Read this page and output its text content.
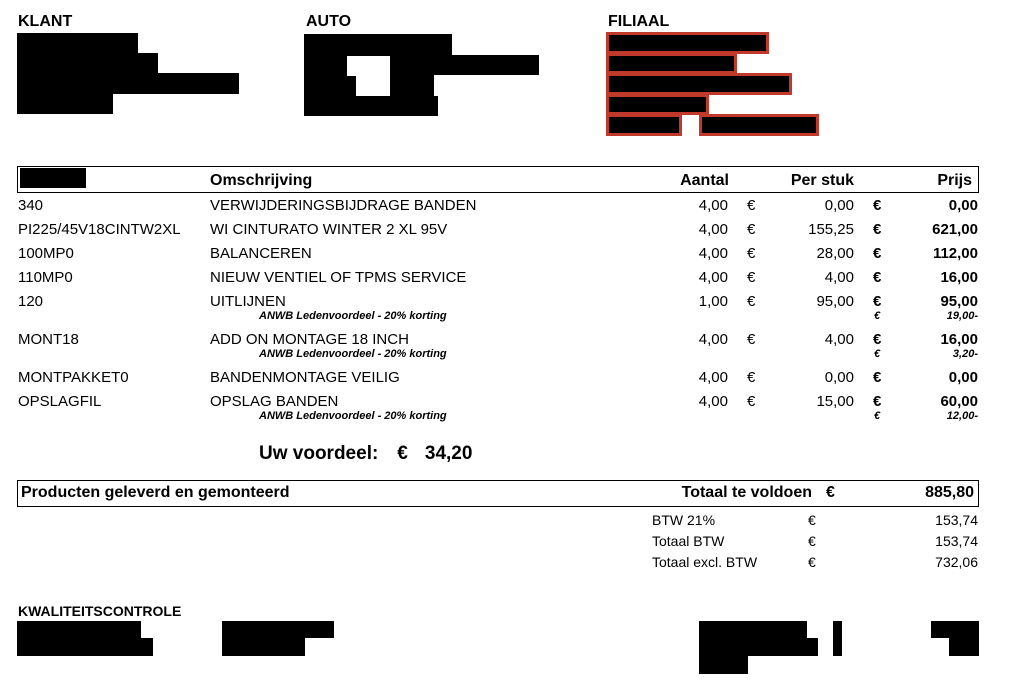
KLANT	AUTO	FILIAAL
Omschrijving	Aantal	Per stuk	Prijs
340	VERWIJDERINGSBIJDRAGE BANDEN	4,00 €	0,00 €	0,00
PI225/45V18CINTW2XL WI CINTURATO WINTER 2 XL 95V	4,00 €	155,25 €	621,00
100MP0	BALANCEREN	4,00 €	28,00 €	112,00
110MP0	NIEUW VENTIEL OF TPMS SERVICE	4,00 €	4,00 €	16,00
120	UITLIJNEN	1,00 €	95,00 €	95,00
ANWB Ledenvoordeel - 20% korting	€	19,00-
MONT18	ADD ON MONTAGE 18 INCH	4,00 €	4,00 €	16,00
ANWB Ledenvoordeel - 20% korting	€	3,20-
MONTPAKKET0	BANDENMONTAGE VEILIG	4,00 €	0,00 €	0,00
OPSLAGFIL	OPSLAG BANDEN	4,00 €	15,00 €	60,00
ANWB Ledenvoordeel - 20% korting	€	12,00-
Uw voordeel: € 34,20
Producten geleverd en gemonteerd	Totaal te voldoen €	885,80
BTW 21%	€	153,74
Totaal BTW	€	153,74
Totaal excl. BTW	€	732,06
KWALITEITSCONTROLE
